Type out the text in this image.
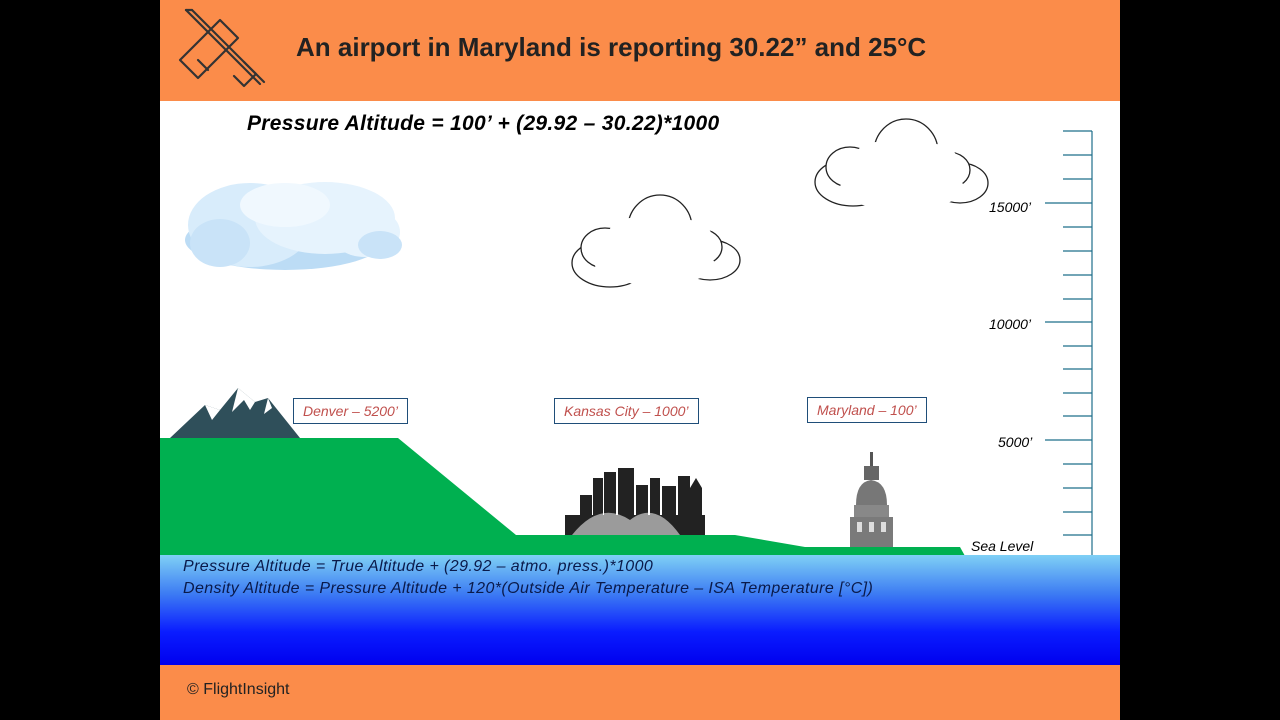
An airport in Maryland is reporting 30.22” and 25°C
Pressure Altitude = 100’ + (29.92 – 30.22)*1000
Denver – 5200’	Kansas City – 1000’	Maryland – 100’
15000’
10000’
5000’
Sea Level
Pressure Altitude = True Altitude + (29.92 – atmo. press.)*1000
Density Altitude = Pressure Altitude + 120*(Outside Air Temperature – ISA Temperature [°C])
© FlightInsight
